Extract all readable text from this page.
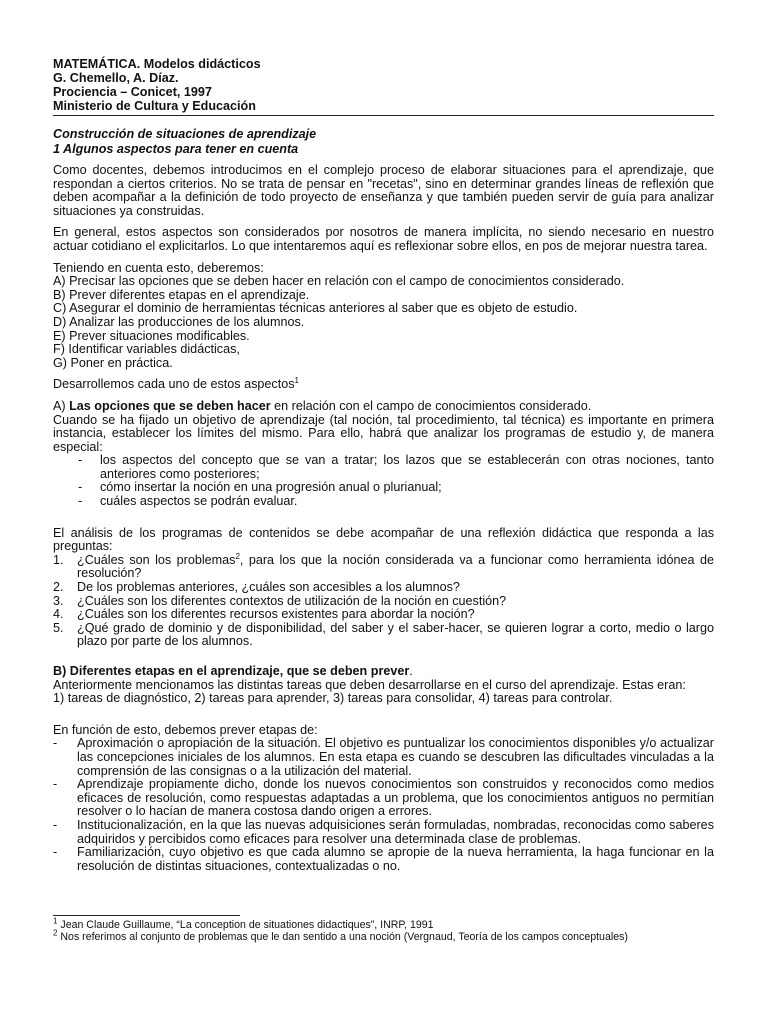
MATEMÁTICA. Modelos didácticos
G. Chemello, A. Díaz.
Prociencia – Conicet, 1997
Ministerio de Cultura y Educación
Construcción de situaciones de aprendizaje
1 Algunos aspectos para tener en cuenta

Como docentes, debemos introducimos en el complejo proceso de elaborar situaciones para el aprendizaje, que respondan a ciertos criterios. No se trata de pensar en "recetas", sino en determinar grandes líneas de reflexión que deben acompañar a la definición de todo proyecto de enseñanza y que también pueden servir de guía para analizar situaciones ya construidas.

En general, estos aspectos son considerados por nosotros de manera implícita, no siendo necesario en nuestro actuar cotidiano el explicitarlos. Lo que intentaremos aquí es reflexionar sobre ellos, en pos de mejorar nuestra tarea.

Teniendo en cuenta esto, deberemos:
A) Precisar las opciones que se deben hacer en relación con el campo de conocimientos considerado.
B) Prever diferentes etapas en el aprendizaje.
C) Asegurar el dominio de herramientas técnicas anteriores al saber que es objeto de estudio.
D) Analizar las producciones de los alumnos.
E) Prever situaciones modificables.
F) Identificar variables didácticas,
G) Poner en práctica.

Desarrollemos cada uno de estos aspectos$^1$

A) Las opciones que se deben hacer en relación con el campo de conocimientos considerado.

Cuando se ha fijado un objetivo de aprendizaje (tal noción, tal procedimiento, tal técnica) es importante en primera instancia, establecer los límites del mismo. Para ello, habrá que analizar los programas de estudio y, de manera especial:

- los aspectos del concepto que se van a tratar; los lazos que se establecerán con otras nociones, tanto anteriores como posteriores;
- cómo insertar la noción en una progresión anual o plurianual;
- cuáles aspectos se podrán evaluar.

El análisis de los programas de contenidos se debe acompañar de una reflexión didáctica que responda a las preguntas:

1. ¿Cuáles son los problemas$^2$, para los que la noción considerada va a funcionar como herramienta idónea de resolución?
2. De los problemas anteriores, ¿cuáles son accesibles a los alumnos?
3. ¿Cuáles son los diferentes contextos de utilización de la noción en cuestión?
4. ¿Cuáles son los diferentes recursos existentes para abordar la noción?
5. ¿Qué grado de dominio y de disponibilidad, del saber y el saber-hacer, se quieren lograr a corto, medio o largo plazo por parte de los alumnos.

B) Diferentes etapas en el aprendizaje, que se deben prever.

Anteriormente mencionamos las distintas tareas que deben desarrollarse en el curso del aprendizaje. Estas eran:

1) tareas de diagnóstico, 2) tareas para aprender, 3) tareas para consolidar, 4) tareas para controlar.

En función de esto, debemos prever etapas de:

- Aproximación o apropiación de la situación. El objetivo es puntualizar los conocimientos disponibles y/o actualizar las concepciones iniciales de los alumnos. En esta etapa es cuando se descubren las dificultades vinculadas a la comprensión de las consignas o a la utilización del material.
- Aprendizaje propiamente dicho, donde los nuevos conocimientos son construidos y reconocidos como medios eficaces de resolución, como respuestas adaptadas a un problema, que los conocimientos antiguos no permitían resolver o lo hacían de manera costosa dando origen a errores.
- Institucionalización, en la que las nuevas adquisiciones serán formuladas, nombradas, reconocidas como saberes adquiridos y percibidos como eficaces para resolver una determinada clase de problemas.
- Familiarización, cuyo objetivo es que cada alumno se apropie de la nueva herramienta, la haga funcionar en la resolución de distintas situaciones, contextualizadas o no.
$^1$ Jean Claude Guillaume, “La conception de situationes didactiques”, INRP, 1991
$^2$ Nos referimos al conjunto de problemas que le dan sentido a una noción (Vergnaud, Teoría de los campos conceptuales)
